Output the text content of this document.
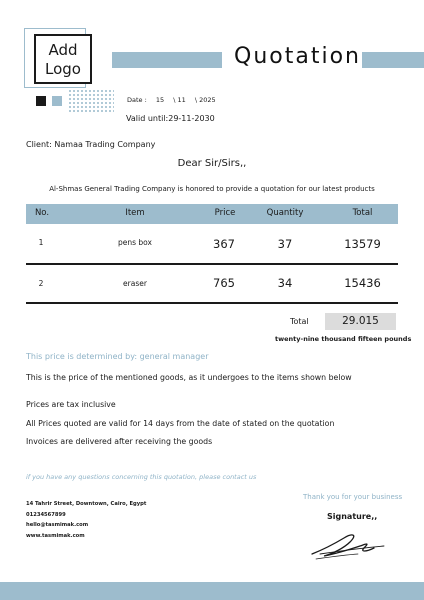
Add
Logo	Quotation
Date : 15 \ 11 \ 2025
Valid until:29-11-2030
Client: Namaa Trading Company
Dear Sir/Sirs,,
Al-Shmas General Trading Company is honored to provide a quotation for our latest products
No.	Item	Price	Quantity	Total
1	pens box	367	37	13579
2	eraser	765	34	15436
Total	29.015
twenty-nine thousand fifteen pounds
This price is determined by: general manager
This is the price of the mentioned goods, as it undergoes to the items shown below
Prices are tax inclusive
All Prices quoted are valid for 14 days from the date of stated on the quotation
Invoices are delivered after receiving the goods
if you have any questions concerning this quotation, please contact us
Thank you for your business
14 Tahrir Street, Downtown, Cairo, Egypt
01234567899
hello@tasmimak.com
www.tasmimak.com
Signature,,
